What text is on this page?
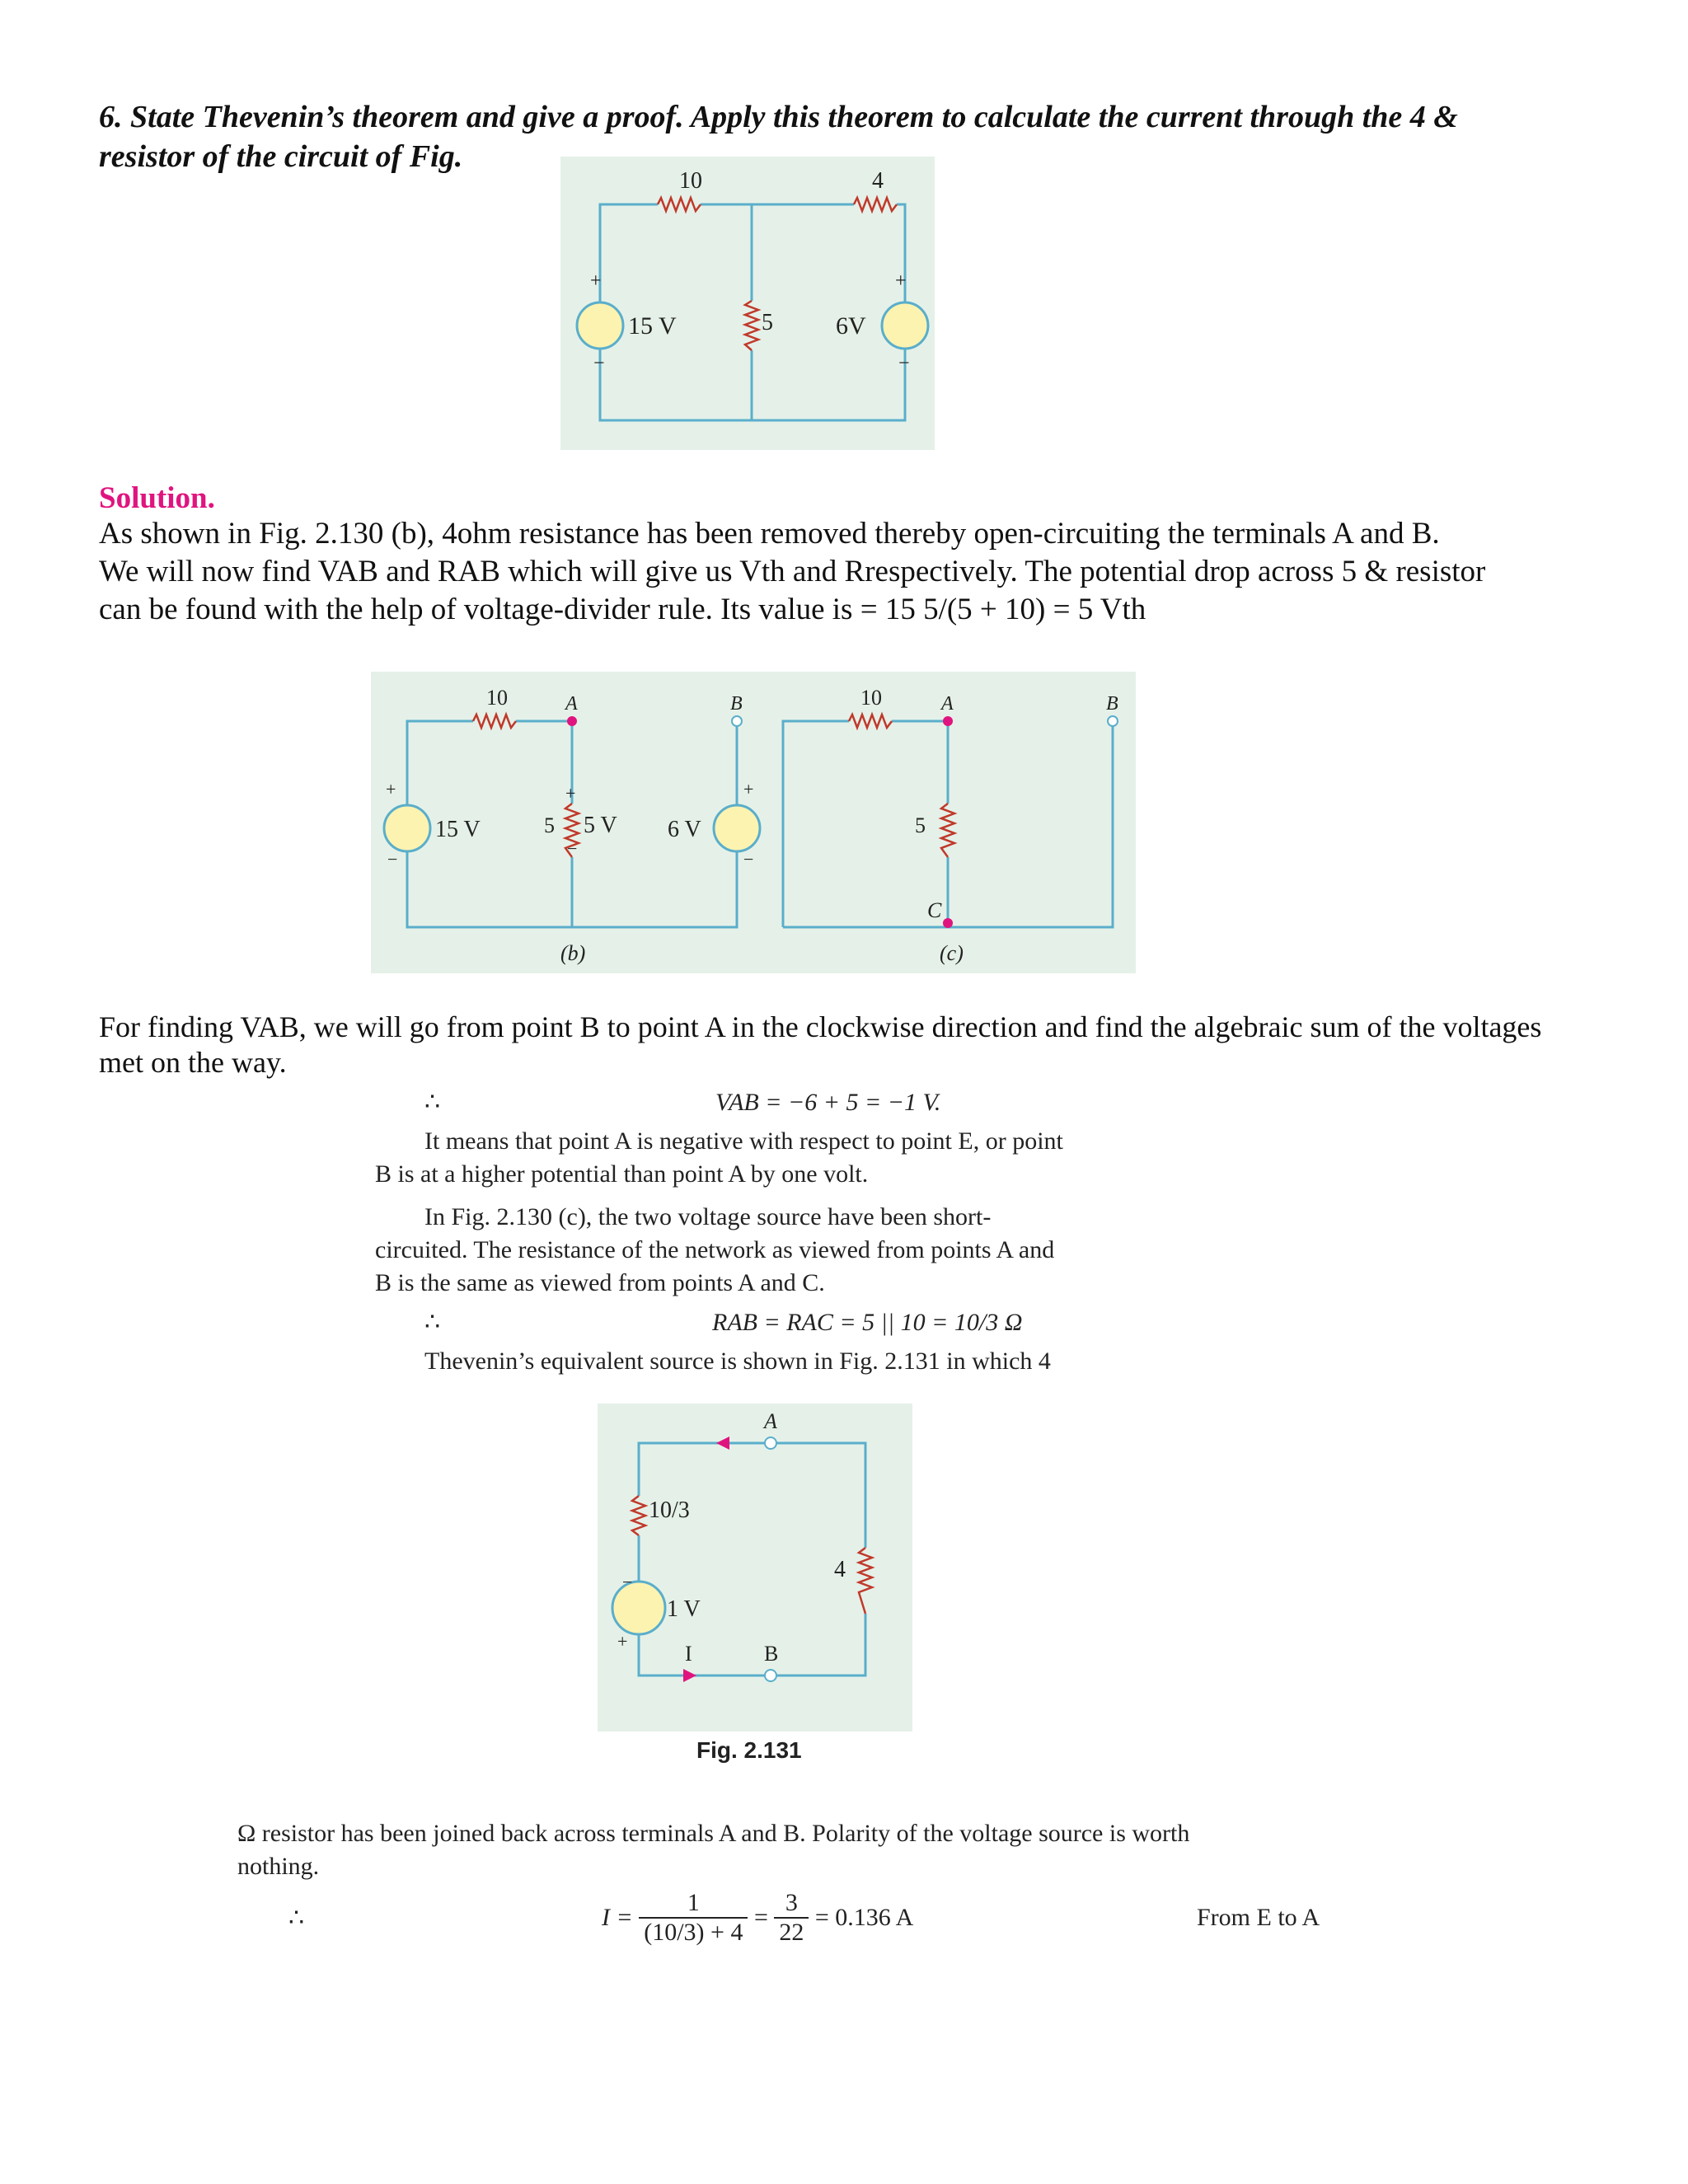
6. State Thevenin’s theorem and give a proof. Apply this theorem to calculate the current through the 4 &
resistor of the circuit of Fig.
+
−
+
−
10	4
15 V	5	6V
Solution.
As shown in Fig. 2.130 (b), 4ohm resistance has been removed thereby open-circuiting the terminals A and B.
We will now find VAB and RAB which will give us Vth and Rrespectively. The potential drop across 5 & resistor
can be found with the help of voltage-divider rule. Its value is = 15 5/(5 + 10) = 5 Vth
+
−
+
−
+
−
10	A	B
15 V	5 5 V 6 V
(b)
10	A	B
5
C
(c)
For finding VAB, we will go from point B to point A in the clockwise direction and find the algebraic sum of the voltages
met on the way.
∴	VAB = −6 + 5 = −1 V.
It means that point A is negative with respect to point E, or point
B is at a higher potential than point A by one volt.
In Fig. 2.130 (c), the two voltage source have been short-
circuited. The resistance of the network as viewed from points A and
B is the same as viewed from points A and C.
∴	RAB = RAC = 5 || 10 = 10/3 Ω
Thevenin’s equivalent source is shown in Fig. 2.131 in which 4
−
+
A
10/3
4
1 V
I	B
Fig. 2.131
Ω resistor has been joined back across terminals A and B. Polarity of the voltage source is worth
nothing.
∴	$I = \frac{1}{(10/3) + 4} = \frac{3}{22} = 0.136$ A	From E to A
